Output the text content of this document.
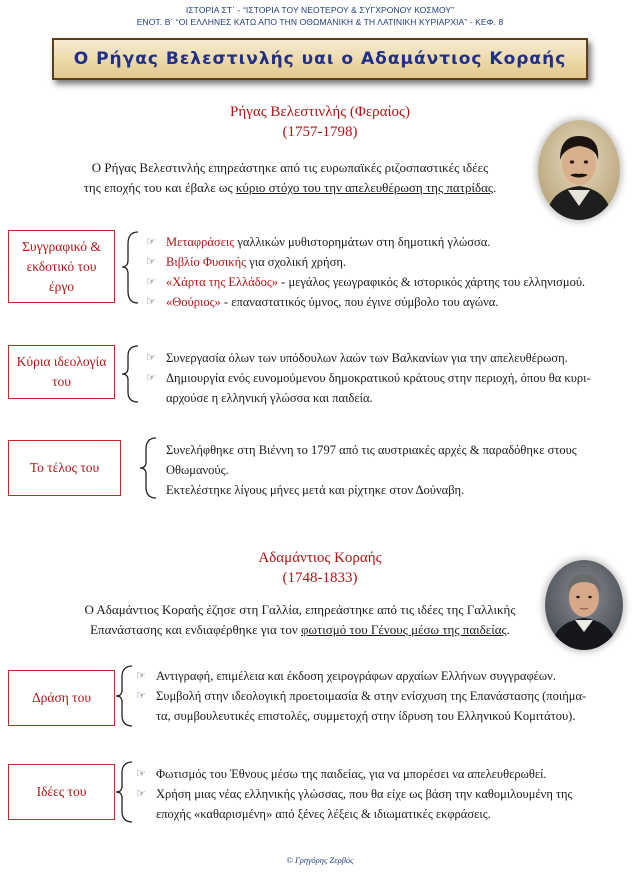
ΙΣΤΟΡΙΑ ΣΤ΄ - “ΙΣΤΟΡΙΑ ΤΟΥ ΝΕΟΤΕΡΟΥ & ΣΥΓΧΡΟΝΟΥ ΚΟΣΜΟΥ”
ΕΝΟΤ. Β΄ “ΟΙ ΕΛΛΗΝΕΣ ΚΑΤΩ ΑΠΟ ΤΗΝ ΟΘΩΜΑΝΙΚΗ & ΤΗ ΛΑΤΙΝΙΚΗ ΚΥΡΙΑΡΧΙΑ” - ΚΕΦ. 8
Ο Ρήγας Βελεστινλής υαι ο Αδαμάντιος Κοραής
Ρήγας Βελεστινλής (Φεραίος)
(1757-1798)
Ο Ρήγας Βελεστινλής επηρεάστηκε από τις ευρωπαϊκές ριζοσπαστικές ιδέες
της εποχής του και έβαλε ως κύριο στόχο του την απελευθέρωση της πατρίδας.
Συγγραφικό & εκδοτικό του έργο
☞ Μεταφράσεις γαλλικών μυθιστορημάτων στη δημοτική γλώσσα.
☞ Βιβλίο Φυσικής για σχολική χρήση.
☞ «Χάρτα της Ελλάδος» - μεγάλος γεωγραφικός & ιστορικός χάρτης του ελληνισμού.
☞ «Θούριος» - επαναστατικός ύμνος, που έγινε σύμβολο του αγώνα.
Κύρια ιδεολογία του
☞ Συνεργασία όλων των υπόδουλων λαών των Βαλκανίων για την απελευθέρωση.
☞ Δημιουργία ενός ευνομούμενου δημοκρατικού κράτους στην περιοχή, όπου θα κυρι-
αρχούσε η ελληνική γλώσσα και παιδεία.
Το τέλος του
Συνελήφθηκε στη Βιέννη το 1797 από τις αυστριακές αρχές & παραδόθηκε στους
Οθωμανούς.
Εκτελέστηκε λίγους μήνες μετά και ρίχτηκε στον Δούναβη.
Αδαμάντιος Κοραής
(1748-1833)
Ο Αδαμάντιος Κοραής έζησε στη Γαλλία, επηρεάστηκε από τις ιδέες της Γαλλικής
Επανάστασης και ενδιαφέρθηκε για τον φωτισμό του Γένους μέσω της παιδείας.
Δράση του
☞ Αντιγραφή, επιμέλεια και έκδοση χειρογράφων αρχαίων Ελλήνων συγγραφέων.
☞ Συμβολή στην ιδεολογική προετοιμασία & στην ενίσχυση της Επανάστασης (ποιήμα-
τα, συμβουλευτικές επιστολές, συμμετοχή στην ίδρυση του Ελληνικού Κομιτάτου).
Ιδέες του
☞ Φωτισμός του Έθνους μέσω της παιδείας, για να μπορέσει να απελευθερωθεί.
☞ Χρήση μιας νέας ελληνικής γλώσσας, που θα είχε ως βάση την καθομιλουμένη της
εποχής «καθαρισμένη» από ξένες λέξεις & ιδιωματικές εκφράσεις.
© Γρηγόρης Ζερβός
